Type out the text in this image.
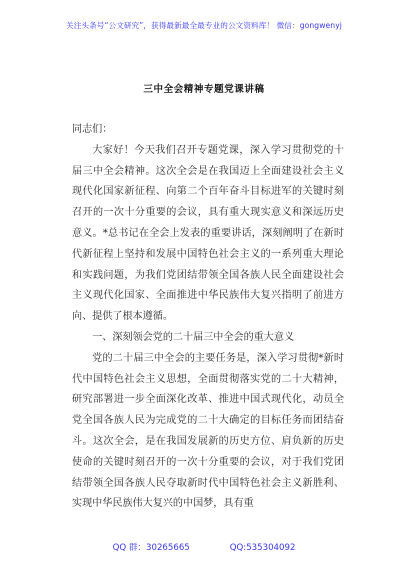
关注头条号“公文研究”，获得最新最全最专业的公文资料库！ 微信：gongwenyj
三中全会精神专题党课讲稿

同志们：

大家好！今天我们召开专题党课，深入学习贯彻党的十届三中全会精神。这次全会是在我国迈上全面建设社会主义现代化国家新征程、向第二个百年奋斗目标进军的关键时刻召开的一次十分重要的会议，具有重大现实意义和深远历史意义。*总书记在全会上发表的重要讲话，深刻阐明了在新时代新征程上坚持和发展中国特色社会主义的一系列重大理论和实践问题，为我们党团结带领全国各族人民全面建设社会主义现代化国家、全面推进中华民族伟大复兴指明了前进方向、提供了根本遵循。

一、深刻领会党的二十届三中全会的重大意义

党的二十届三中全会的主要任务是，深入学习贯彻*新时代中国特色社会主义思想，全面贯彻落实党的二十大精神，研究部署进一步全面深化改革、推进中国式现代化，动员全党全国各族人民为完成党的二十大确定的目标任务而团结奋斗。这次全会，是在我国发展新的历史方位、肩负新的历史使命的关键时刻召开的一次十分重要的会议，对于我们党团结带领全国各族人民夺取新时代中国特色社会主义新胜利、实现中华民族伟大复兴的中国梦，具有重

QQ 群：30265665	QQ:535304092
